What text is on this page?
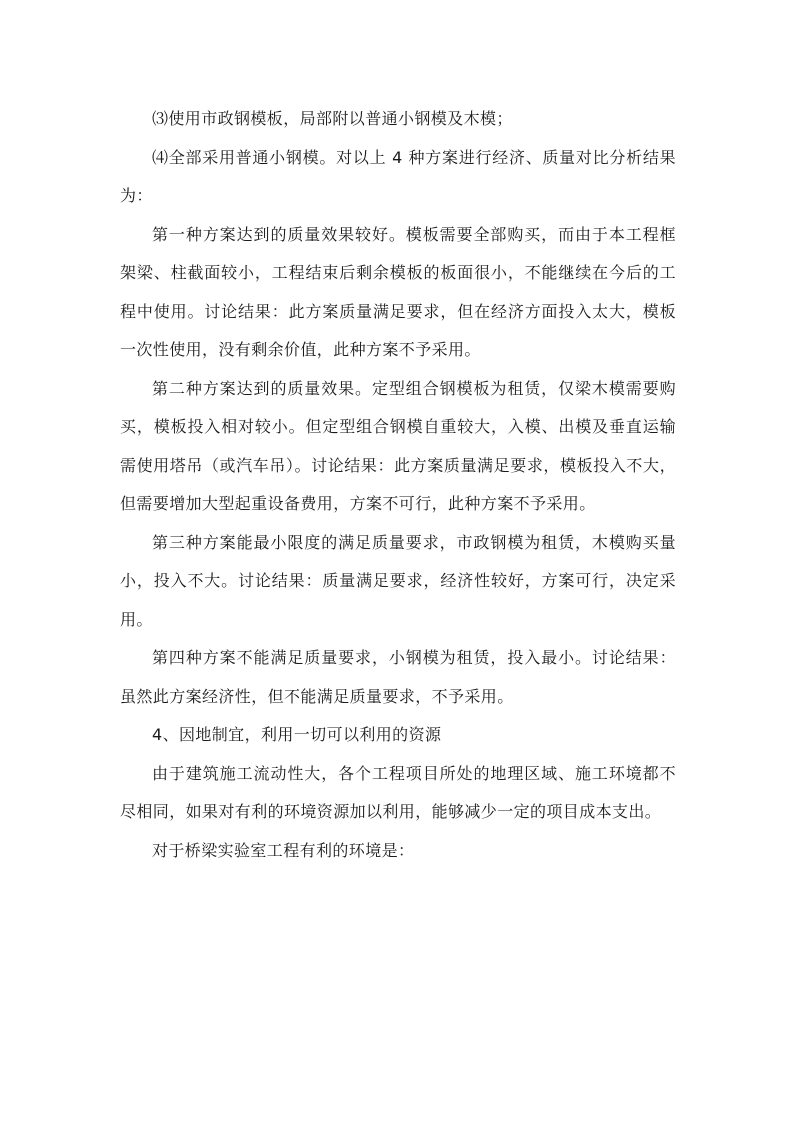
⑶使用市政钢模板，局部附以普通小钢模及木模；

⑷全部采用普通小钢模。对以上 4 种方案进行经济、质量对比分析结果为：

第一种方案达到的质量效果较好。模板需要全部购买，而由于本工程框架梁、柱截面较小，工程结束后剩余模板的板面很小，不能继续在今后的工程中使用。讨论结果：此方案质量满足要求，但在经济方面投入太大，模板一次性使用，没有剩余价值，此种方案不予采用。

第二种方案达到的质量效果。定型组合钢模板为租赁，仅梁木模需要购买，模板投入相对较小。但定型组合钢模自重较大，入模、出模及垂直运输需使用塔吊（或汽车吊）。讨论结果：此方案质量满足要求，模板投入不大，但需要增加大型起重设备费用，方案不可行，此种方案不予采用。

第三种方案能最小限度的满足质量要求，市政钢模为租赁，木模购买量小，投入不大。讨论结果：质量满足要求，经济性较好，方案可行，决定采用。

第四种方案不能满足质量要求，小钢模为租赁，投入最小。讨论结果：虽然此方案经济性，但不能满足质量要求，不予采用。

4、因地制宜，利用一切可以利用的资源

由于建筑施工流动性大，各个工程项目所处的地理区域、施工环境都不尽相同，如果对有利的环境资源加以利用，能够减少一定的项目成本支出。

对于桥梁实验室工程有利的环境是：
